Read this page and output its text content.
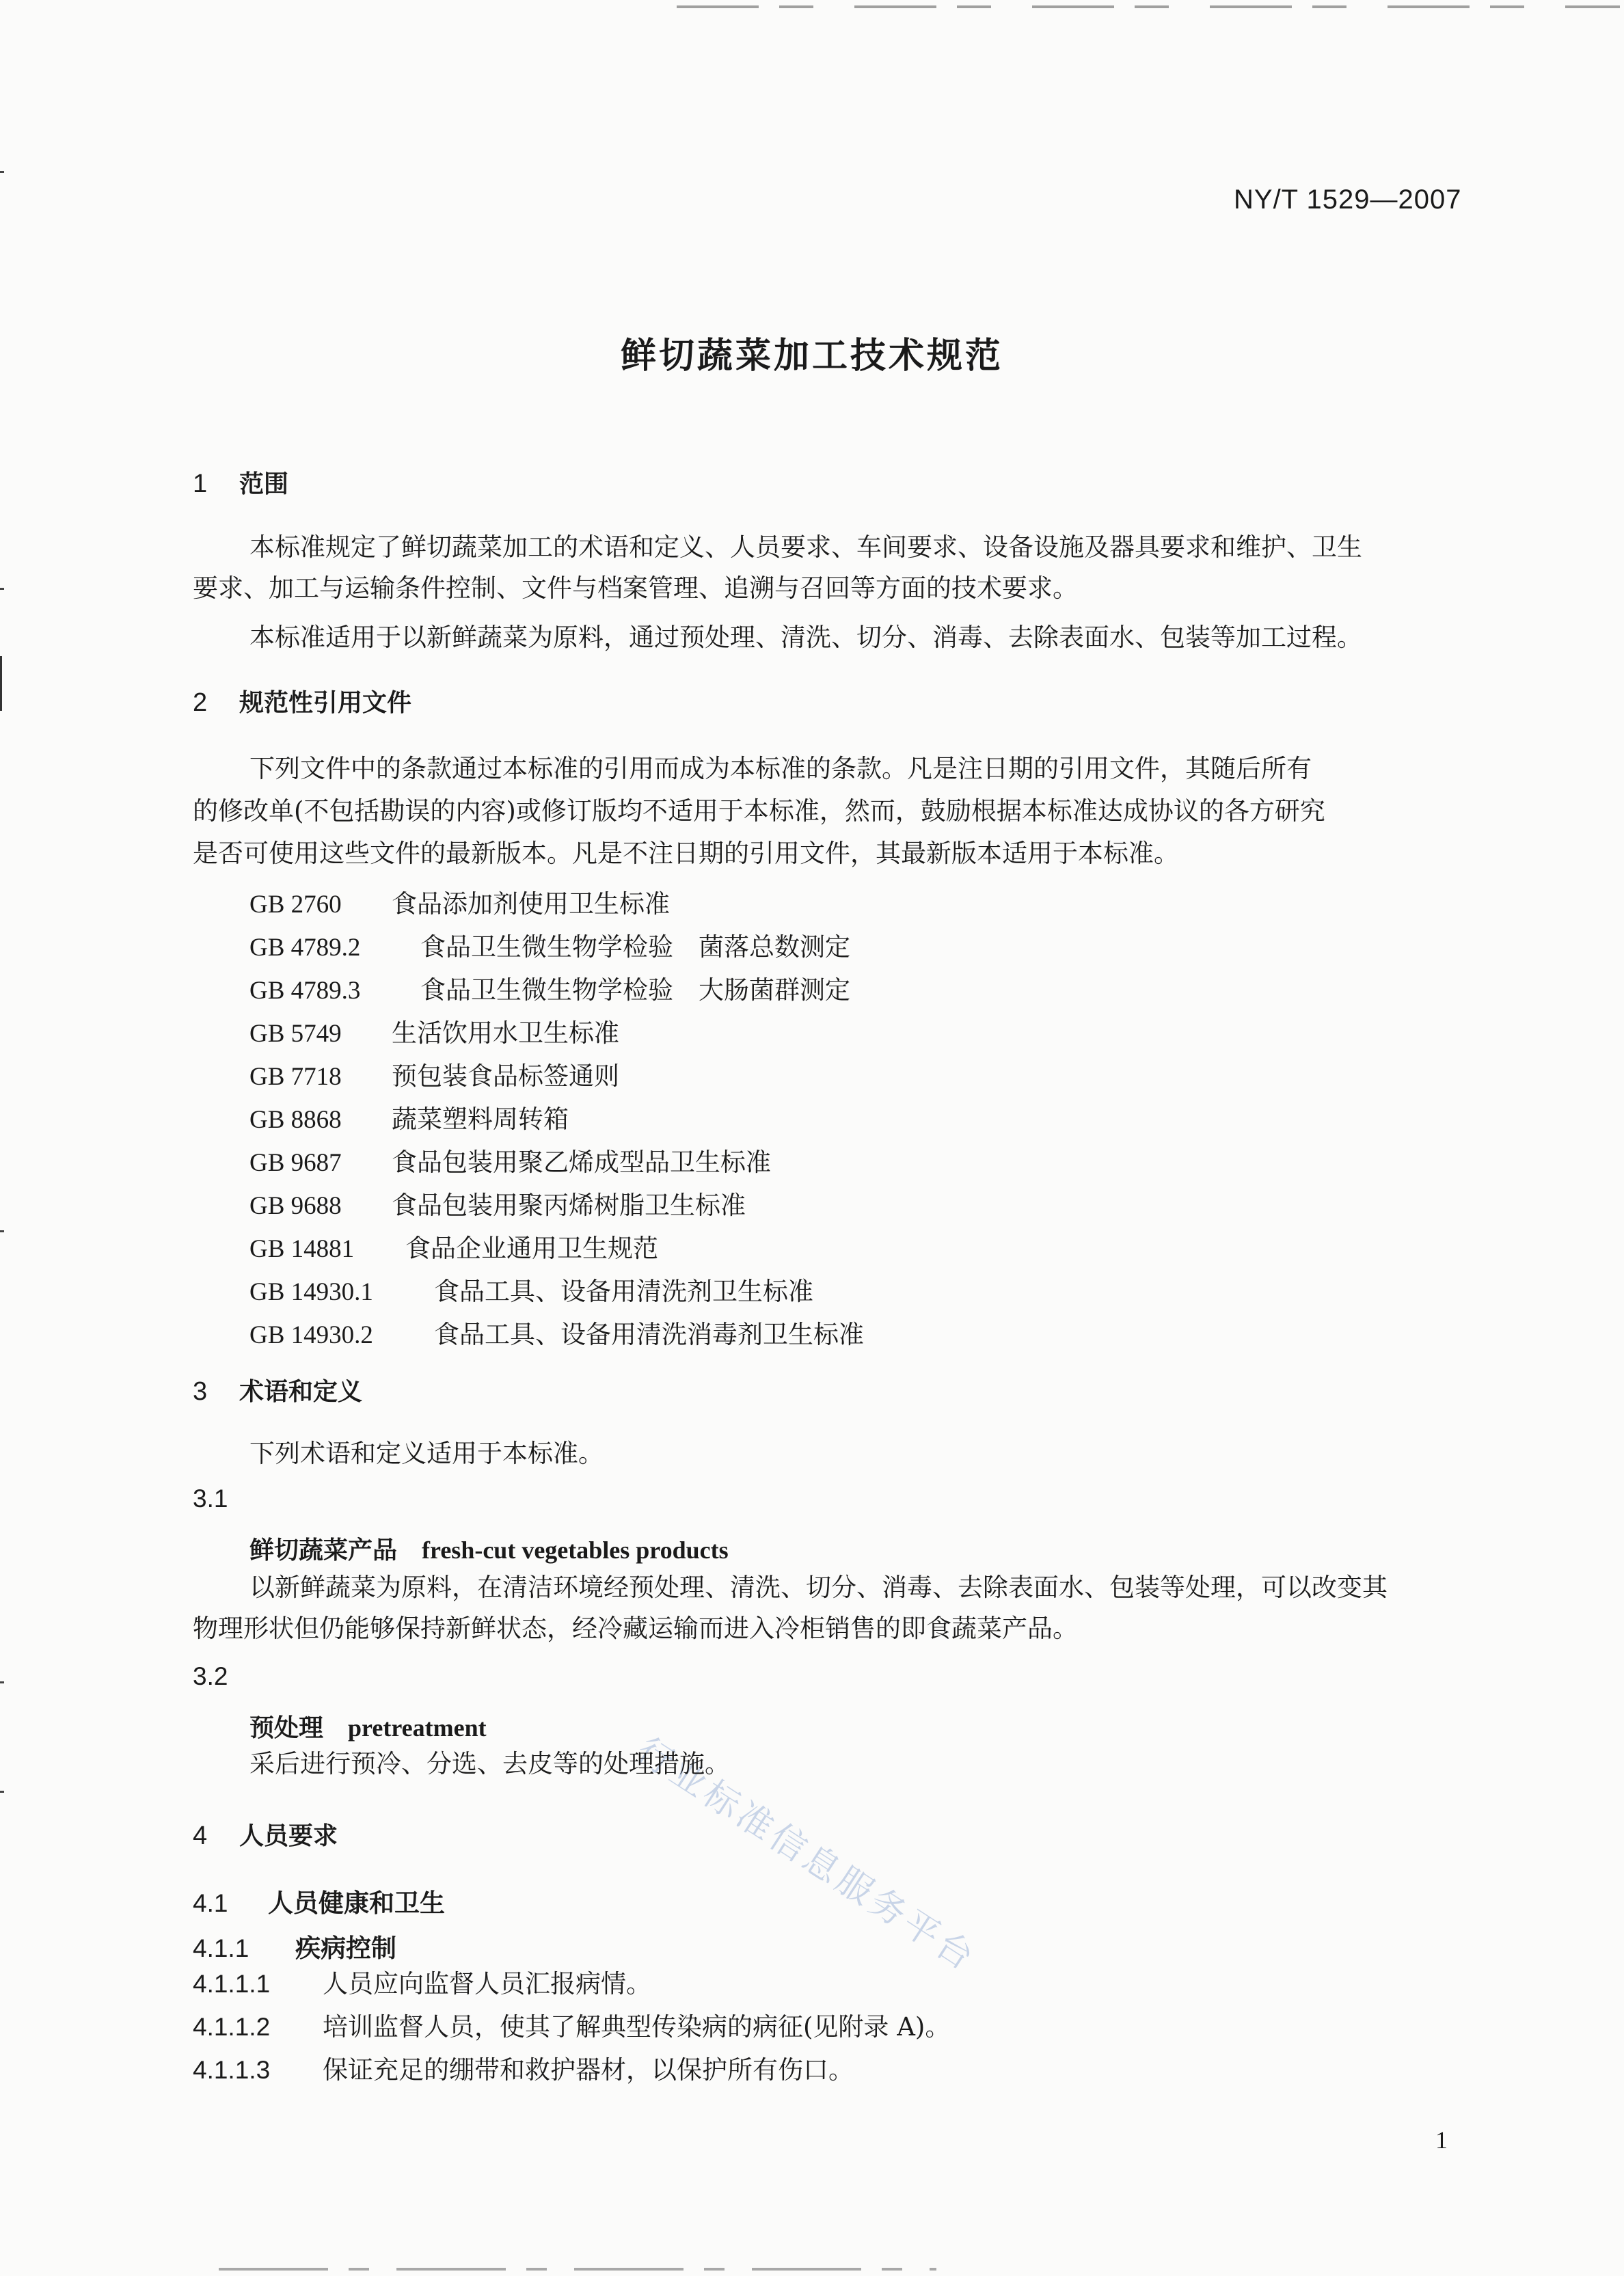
行业标准信息服务平台
NY/T 1529—2007
鲜切蔬菜加工技术规范
1 范围
本标准规定了鲜切蔬菜加工的术语和定义、人员要求、车间要求、设备设施及器具要求和维护、卫生
要求、加工与运输条件控制、文件与档案管理、追溯与召回等方面的技术要求。
本标准适用于以新鲜蔬菜为原料，通过预处理、清洗、切分、消毒、去除表面水、包装等加工过程。
2 规范性引用文件
下列文件中的条款通过本标准的引用而成为本标准的条款。凡是注日期的引用文件，其随后所有
的修改单(不包括勘误的内容)或修订版均不适用于本标准，然而，鼓励根据本标准达成协议的各方研究
是否可使用这些文件的最新版本。凡是不注日期的引用文件，其最新版本适用于本标准。
GB 2760 食品添加剂使用卫生标准
GB 4789.2 食品卫生微生物学检验　菌落总数测定
GB 4789.3 食品卫生微生物学检验　大肠菌群测定
GB 5749 生活饮用水卫生标准
GB 7718 预包装食品标签通则
GB 8868 蔬菜塑料周转箱
GB 9687 食品包装用聚乙烯成型品卫生标准
GB 9688 食品包装用聚丙烯树脂卫生标准
GB 14881 食品企业通用卫生规范
GB 14930.1 食品工具、设备用清洗剂卫生标准
GB 14930.2 食品工具、设备用清洗消毒剂卫生标准
3 术语和定义
下列术语和定义适用于本标准。
3.1
鲜切蔬菜产品 fresh-cut vegetables products
以新鲜蔬菜为原料，在清洁环境经预处理、清洗、切分、消毒、去除表面水、包装等处理，可以改变其
物理形状但仍能够保持新鲜状态，经冷藏运输而进入冷柜销售的即食蔬菜产品。
3.2
预处理 pretreatment
采后进行预冷、分选、去皮等的处理措施。
4 人员要求
4.1 人员健康和卫生
4.1.1 疾病控制
4.1.1.1 人员应向监督人员汇报病情。
4.1.1.2 培训监督人员，使其了解典型传染病的病征(见附录 A)。
4.1.1.3 保证充足的绷带和救护器材，以保护所有伤口。
1
